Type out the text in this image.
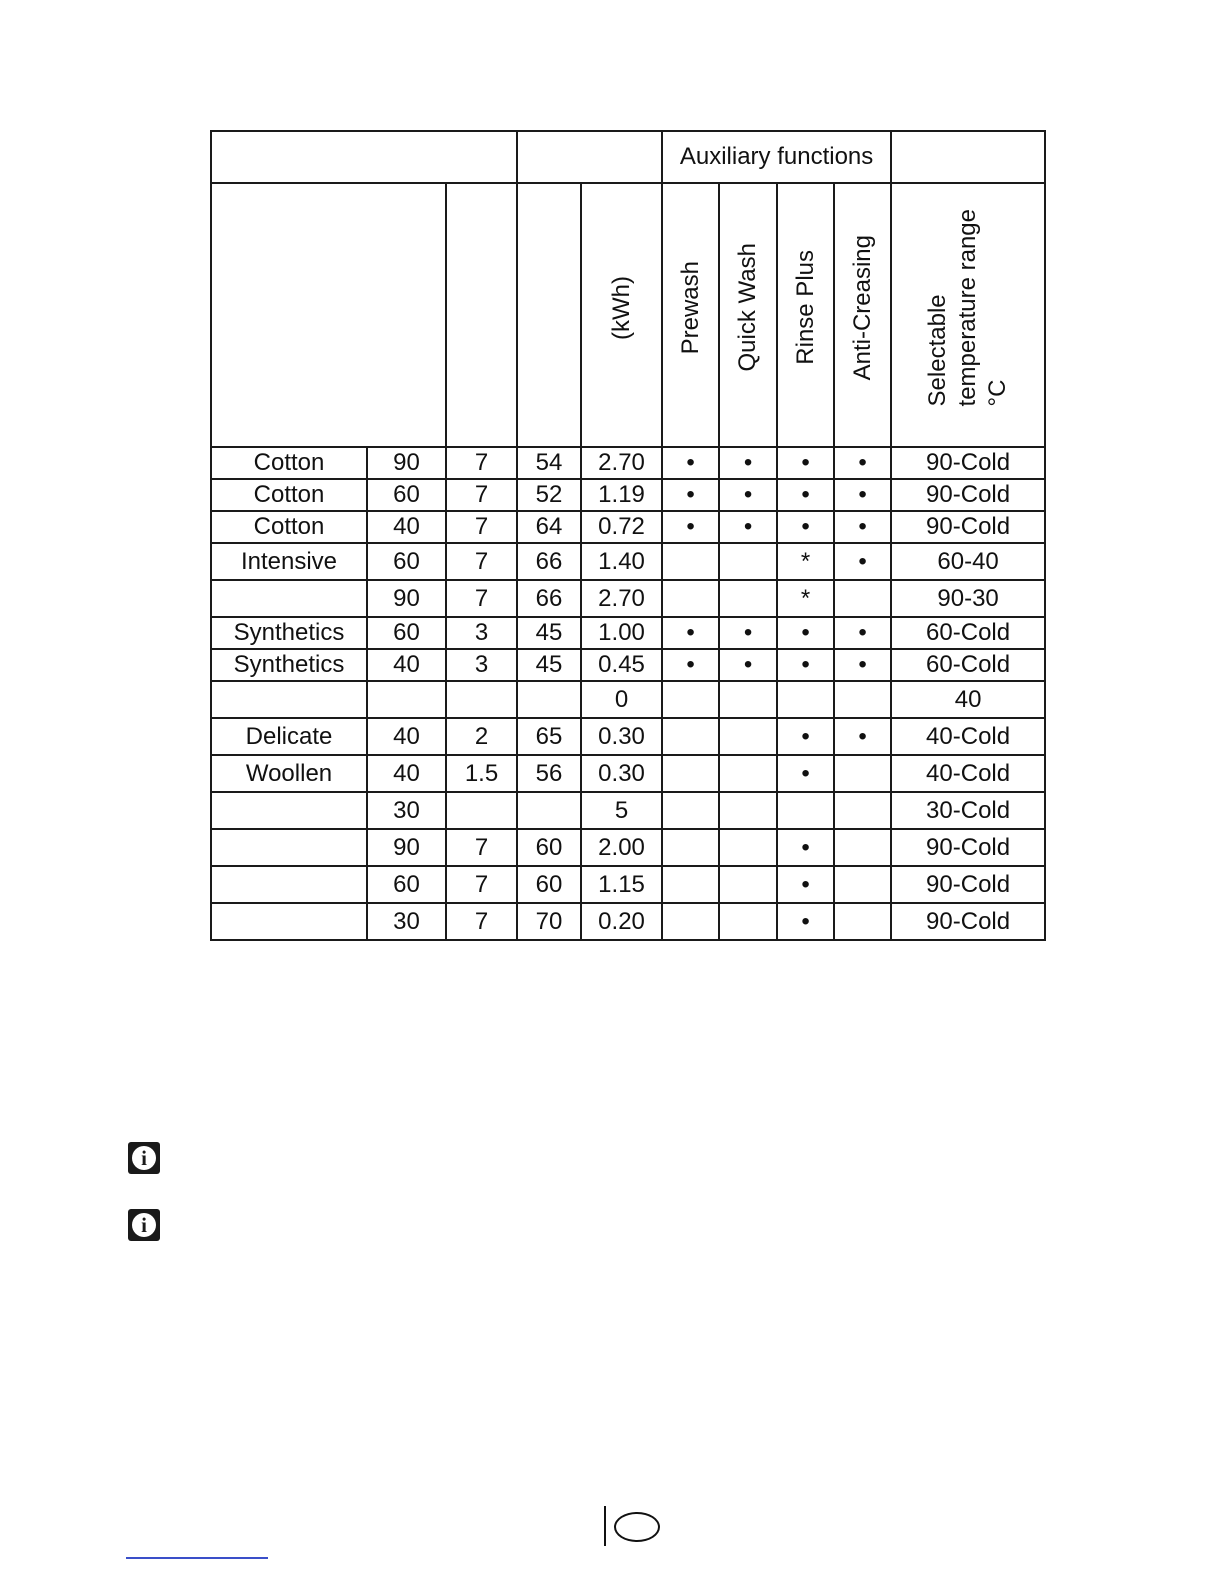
					Auxiliary functions				
				(kWh)	Prewash	Quick Wash	Rinse Plus	Anti-Creasing	Selectable temperature range °C
Cotton	90	7	54	2.70	•	•	•	•	90-Cold
Cotton	60	7	52	1.19	•	•	•	•	90-Cold
Cotton	40	7	64	0.72	•	•	•	•	90-Cold
Intensive	60	7	66	1.40			*	•	60-40
	90	7	66	2.70			*		90-30
Synthetics	60	3	45	1.00	•	•	•	•	60-Cold
Synthetics	40	3	45	0.45	•	•	•	•	60-Cold
				0					40
Delicate	40	2	65	0.30			•	•	40-Cold
Woollen	40	1.5	56	0.30			•		40-Cold
	30			5					30-Cold
	90	7	60	2.00			•		90-Cold
	60	7	60	1.15			•		90-Cold
	30	7	70	0.20			•		90-Cold
i
i
